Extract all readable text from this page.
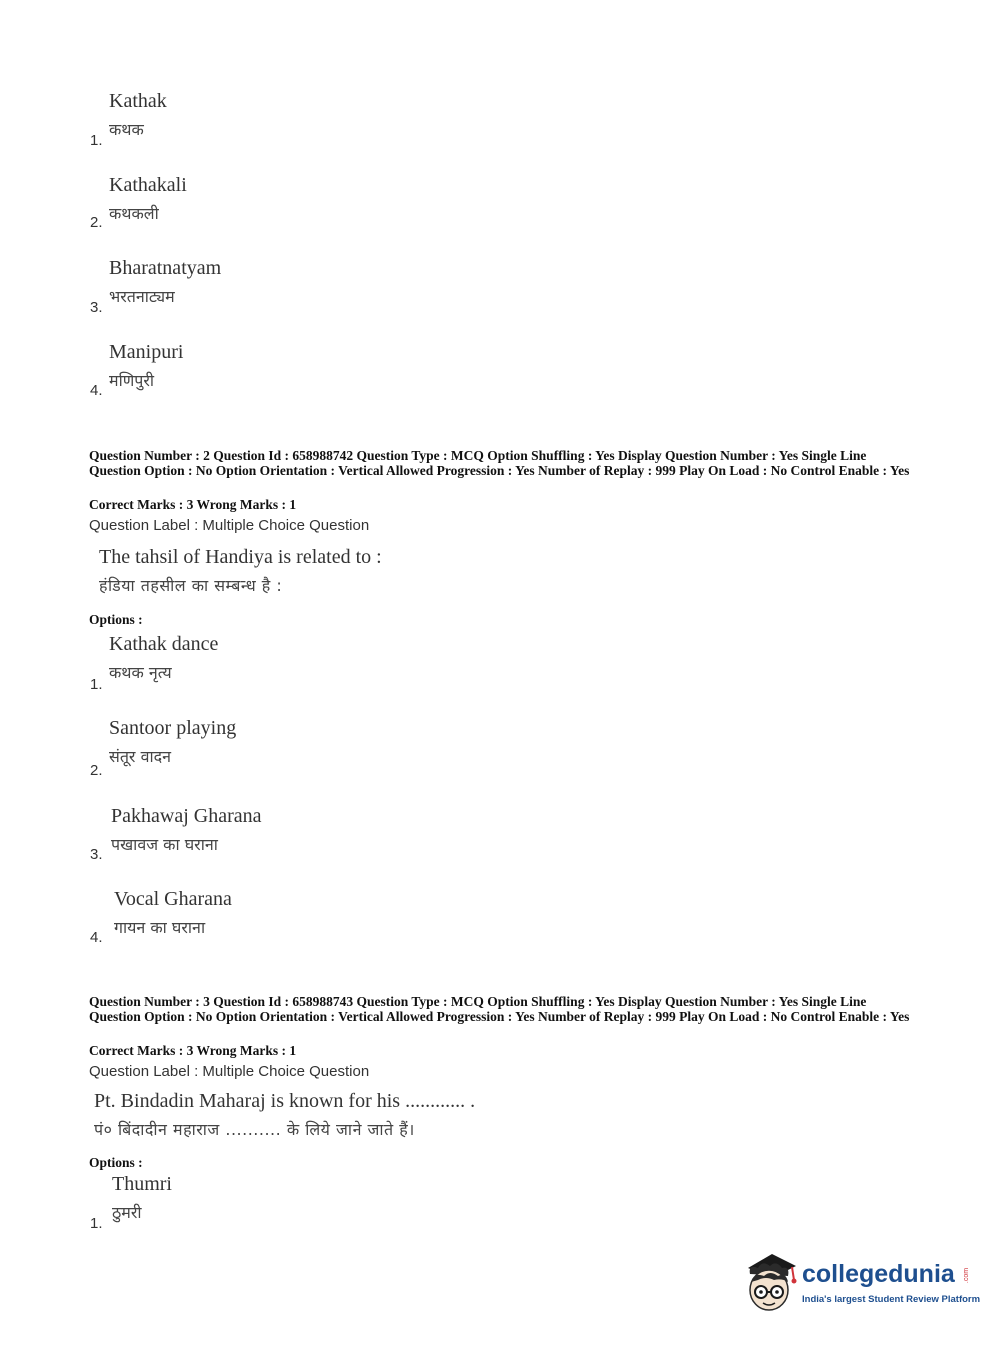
Kathak
कथक
1.
Kathakali
कथकली
2.
Bharatnatyam
भरतनाट्यम
3.
Manipuri
मणिपुरी
4.
Question Number : 2 Question Id : 658988742 Question Type : MCQ Option Shuffling : Yes Display Question Number : Yes Single Line Question Option : No Option Orientation : Vertical Allowed Progression : Yes Number of Replay : 999 Play On Load : No Control Enable : Yes
Correct Marks : 3 Wrong Marks : 1
Question Label : Multiple Choice Question
The tahsil of Handiya is related to :
हंडिया तहसील का सम्बन्ध है :
Options :
Kathak dance
कथक नृत्य
1.
Santoor playing
संतूर वादन
2.
Pakhawaj Gharana
पखावज का घराना
3.
Vocal Gharana
गायन का घराना
4.
Question Number : 3 Question Id : 658988743 Question Type : MCQ Option Shuffling : Yes Display Question Number : Yes Single Line Question Option : No Option Orientation : Vertical Allowed Progression : Yes Number of Replay : 999 Play On Load : No Control Enable : Yes
Correct Marks : 3 Wrong Marks : 1
Question Label : Multiple Choice Question
Pt. Bindadin Maharaj is known for his ............ .
पं० बिंदादीन महाराज .......... के लिये जाने जाते हैं।
Options :
Thumri
ठुमरी
1.
collegedunia .com
India's largest Student Review Platform
